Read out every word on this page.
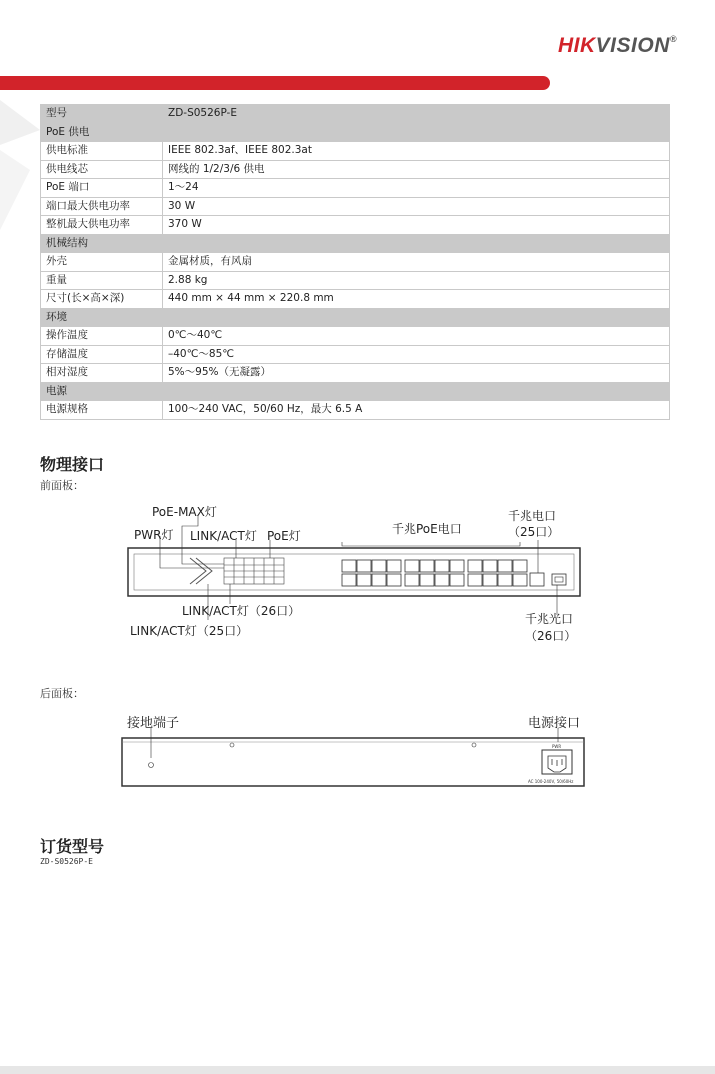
HIKVISION®
型号	ZD-S0526P-E
PoE 供电	
供电标准	IEEE 802.3af、IEEE 802.3at
供电线芯	网线的 1/2/3/6 供电
PoE 端口	1～24
端口最大供电功率	30 W
整机最大供电功率	370 W
机械结构	
外壳	金属材质，有风扇
重量	2.88 kg
尺寸(长×高×深)	440 mm × 44 mm × 220.8 mm
环境	
操作温度	0℃～40℃
存储温度	–40℃～85℃
相对湿度	5%～95%（无凝露）
电源	
电源规格	100～240 VAC，50/60 Hz，最大 6.5 A
物理接口
前面板：
PoE-MAX灯
PWR灯 LINK/ACT灯 PoE灯	千兆PoE电口
千兆电口
（25口）
LINK/ACT灯（26口）
LINK/ACT灯（25口）
千兆光口
（26口）
后面板：
接地端子	电源接口
PWR
AC 100-240V, 50/60Hz
订货型号
ZD-S0526P-E
